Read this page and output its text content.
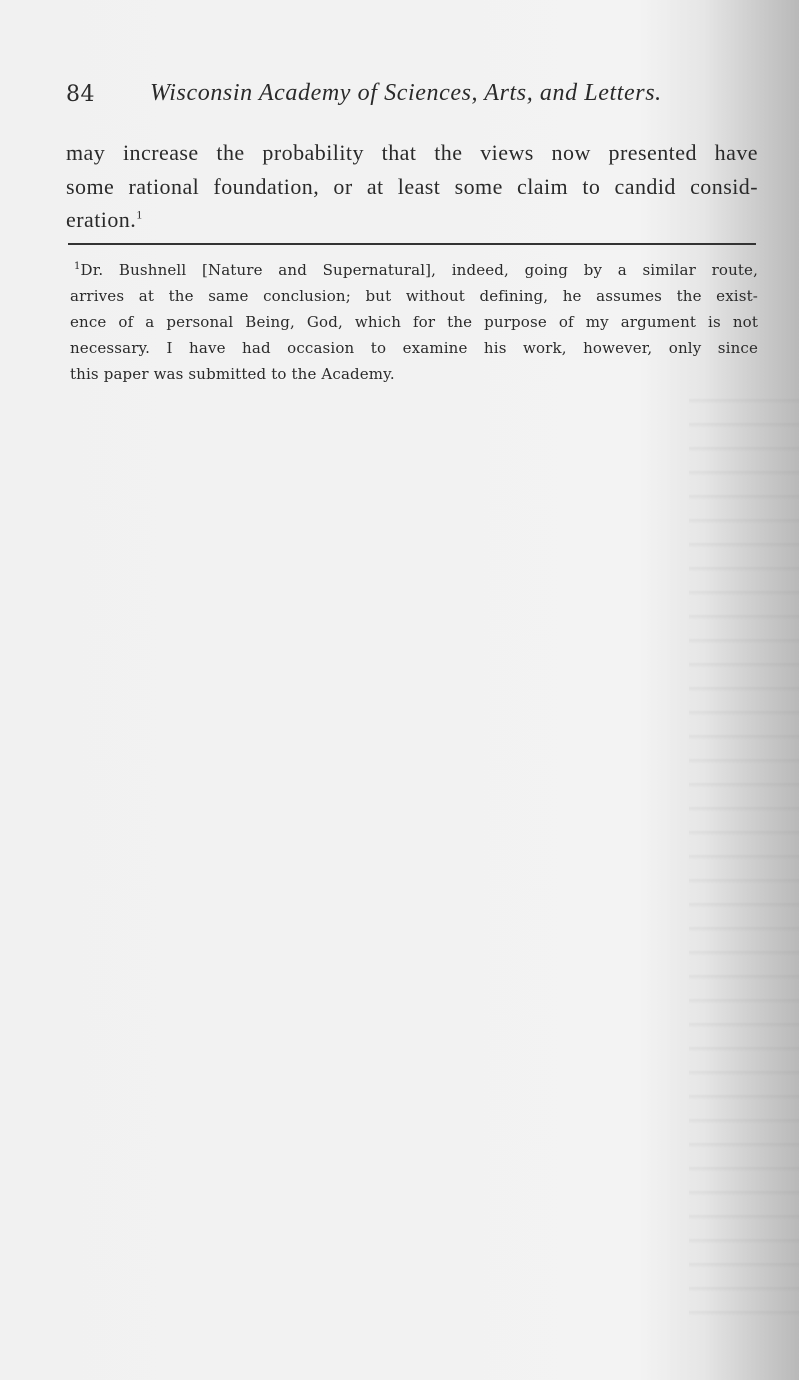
84 Wisconsin Academy of Sciences, Arts, and Letters.
may increase the probability that the views now presented have
some rational foundation, or at least some claim to candid consid-
eration.$^1$
$^1$Dr. Bushnell [Nature and Supernatural], indeed, going by a similar route,
arrives at the same conclusion; but without defining, he assumes the exist-
ence of a personal Being, God, which for the purpose of my argument is not
necessary. I have had occasion to examine his work, however, only since
this paper was submitted to the Academy.
